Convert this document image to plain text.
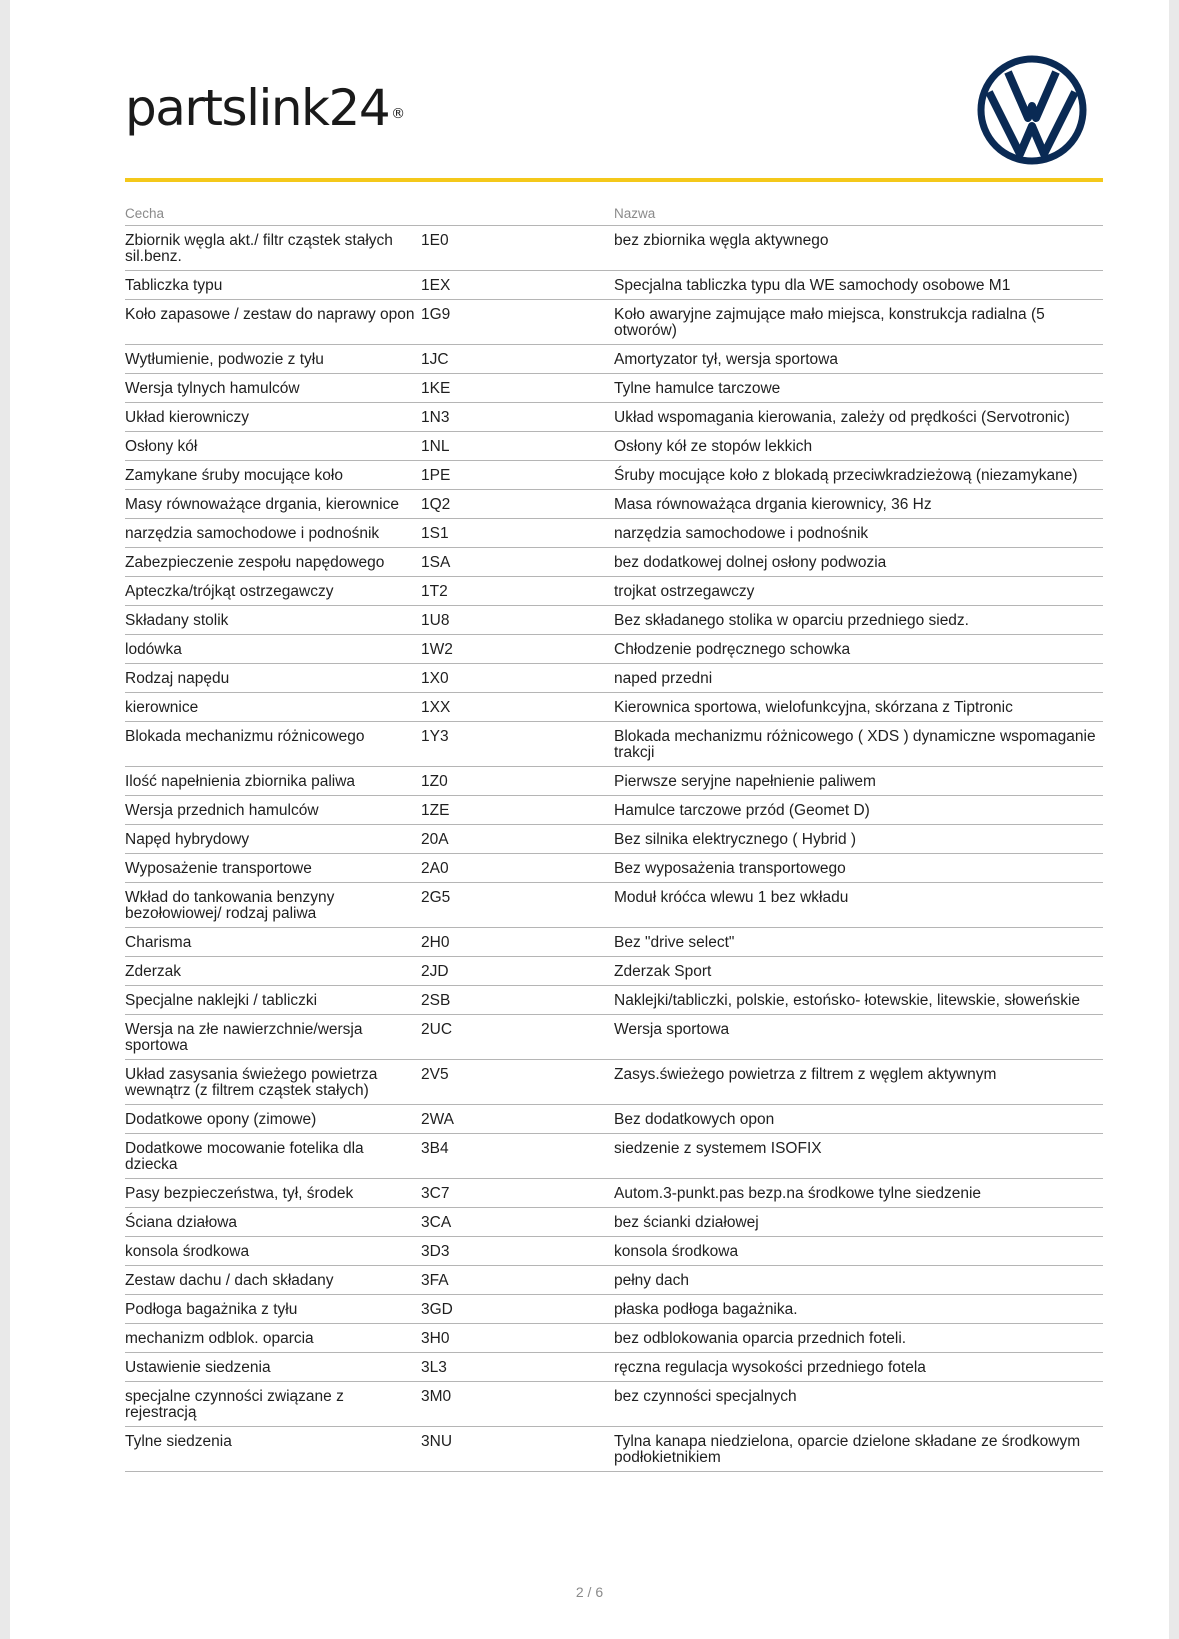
partslink24 ®
Cecha		Nazwa
Zbiornik węgla akt./ filtr cząstek stałych sil.benz.	1E0	bez zbiornika węgla aktywnego
Tabliczka typu	1EX	Specjalna tabliczka typu dla WE samochody osobowe M1
Koło zapasowe / zestaw do naprawy opon	1G9	Koło awaryjne zajmujące mało miejsca, konstrukcja radialna (5 otworów)
Wytłumienie, podwozie z tyłu	1JC	Amortyzator tył, wersja sportowa
Wersja tylnych hamulców	1KE	Tylne hamulce tarczowe
Układ kierowniczy	1N3	Układ wspomagania kierowania, zależy od prędkości (Servotronic)
Osłony kół	1NL	Osłony kół ze stopów lekkich
Zamykane śruby mocujące koło	1PE	Śruby mocujące koło z blokadą przeciwkradzieżową (niezamykane)
Masy równoważące drgania, kierownice	1Q2	Masa równoważąca drgania kierownicy, 36 Hz
narzędzia samochodowe i podnośnik	1S1	narzędzia samochodowe i podnośnik
Zabezpieczenie zespołu napędowego	1SA	bez dodatkowej dolnej osłony podwozia
Apteczka/trójkąt ostrzegawczy	1T2	trojkat ostrzegawczy
Składany stolik	1U8	Bez składanego stolika w oparciu przedniego siedz.
lodówka	1W2	Chłodzenie podręcznego schowka
Rodzaj napędu	1X0	naped przedni
kierownice	1XX	Kierownica sportowa, wielofunkcyjna, skórzana z Tiptronic
Blokada mechanizmu różnicowego	1Y3	Blokada mechanizmu różnicowego ( XDS ) dynamiczne wspomaganie trakcji
Ilość napełnienia zbiornika paliwa	1Z0	Pierwsze seryjne napełnienie paliwem
Wersja przednich hamulców	1ZE	Hamulce tarczowe przód (Geomet D)
Napęd hybrydowy	20A	Bez silnika elektrycznego ( Hybrid )
Wyposażenie transportowe	2A0	Bez wyposażenia transportowego
Wkład do tankowania benzyny bezołowiowej/ rodzaj paliwa	2G5	Moduł króćca wlewu 1 bez wkładu
Charisma	2H0	Bez "drive select"
Zderzak	2JD	Zderzak Sport
Specjalne naklejki / tabliczki	2SB	Naklejki/tabliczki, polskie, estońsko- łotewskie, litewskie, słoweńskie
Wersja na złe nawierzchnie/wersja sportowa	2UC	Wersja sportowa
Układ zasysania świeżego powietrza wewnątrz (z filtrem cząstek stałych)	2V5	Zasys.świeżego powietrza z filtrem z węglem aktywnym
Dodatkowe opony (zimowe)	2WA	Bez dodatkowych opon
Dodatkowe mocowanie fotelika dla dziecka	3B4	siedzenie z systemem ISOFIX
Pasy bezpieczeństwa, tył, środek	3C7	Autom.3-punkt.pas bezp.na środkowe tylne siedzenie
Ściana działowa	3CA	bez ścianki działowej
konsola środkowa	3D3	konsola środkowa
Zestaw dachu / dach składany	3FA	pełny dach
Podłoga bagażnika z tyłu	3GD	płaska podłoga bagażnika.
mechanizm odblok. oparcia	3H0	bez odblokowania oparcia przednich foteli.
Ustawienie siedzenia	3L3	ręczna regulacja wysokości przedniego fotela
specjalne czynności związane z rejestracją	3M0	bez czynności specjalnych
Tylne siedzenia	3NU	Tylna kanapa niedzielona, oparcie dzielone składane ze środkowym podłokietnikiem
2 / 6
